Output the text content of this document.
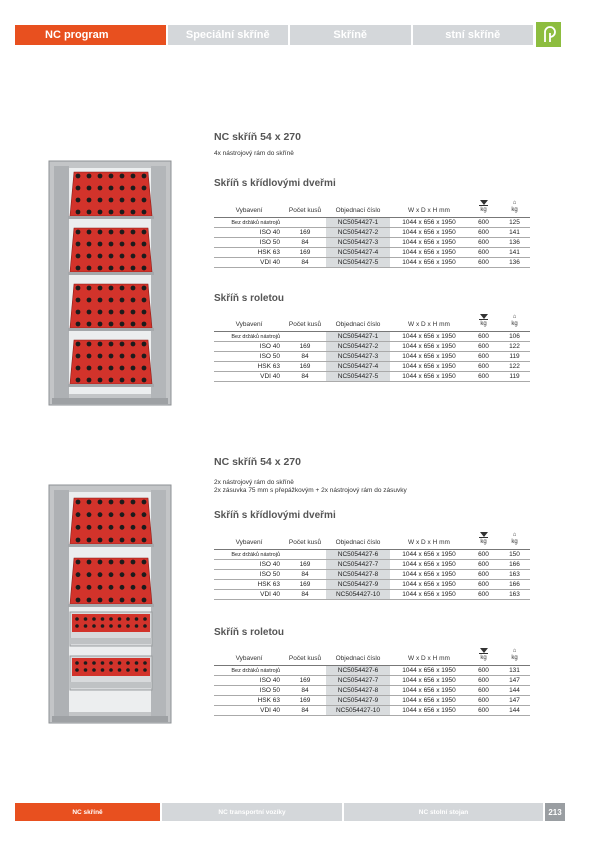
NC program	Speciální skříně	Skříně	stní skříně
NC skříň 54 x 270
4x nástrojový rám do skříně
Skříň s křídlovými dveřmi
Vybavení	Počet kusů	Objednací číslo	W x D x H mm	kg	⌂
kg

Bez držáků nástrojů		NC5054427-1	1044 x 656 x 1950	600	125
ISO 40	169	NC5054427-2	1044 x 656 x 1950	600	141
ISO 50	84	NC5054427-3	1044 x 656 x 1950	600	136
HSK 63	169	NC5054427-4	1044 x 656 x 1950	600	141
VDI 40	84	NC5054427-5	1044 x 656 x 1950	600	136
Skříň s roletou
Vybavení	Počet kusů	Objednací číslo	W x D x H mm	kg	⌂
kg

Bez držáků nástrojů		NC5054427-1	1044 x 656 x 1950	600	106
ISO 40	169	NC5054427-2	1044 x 656 x 1950	600	122
ISO 50	84	NC5054427-3	1044 x 656 x 1950	600	119
HSK 63	169	NC5054427-4	1044 x 656 x 1950	600	122
VDI 40	84	NC5054427-5	1044 x 656 x 1950	600	119
NC skříň 54 x 270
2x nástrojový rám do skříně
2x zásuvka 75 mm s přepážkovým + 2x nástrojový rám do zásuvky
Skříň s křídlovými dveřmi
Vybavení	Počet kusů	Objednací číslo	W x D x H mm	kg	⌂
kg

Bez držáků nástrojů		NC5054427-6	1044 x 656 x 1950	600	150
ISO 40	169	NC5054427-7	1044 x 656 x 1950	600	166
ISO 50	84	NC5054427-8	1044 x 656 x 1950	600	163
HSK 63	169	NC5054427-9	1044 x 656 x 1950	600	166
VDI 40	84	NC5054427-10	1044 x 656 x 1950	600	163
Skříň s roletou
Vybavení	Počet kusů	Objednací číslo	W x D x H mm	kg	⌂
kg

Bez držáků nástrojů		NC5054427-6	1044 x 656 x 1950	600	131
ISO 40	169	NC5054427-7	1044 x 656 x 1950	600	147
ISO 50	84	NC5054427-8	1044 x 656 x 1950	600	144
HSK 63	169	NC5054427-9	1044 x 656 x 1950	600	147
VDI 40	84	NC5054427-10	1044 x 656 x 1950	600	144
NC skříně	NC transportní vozíky	NC stolní stojan	213
